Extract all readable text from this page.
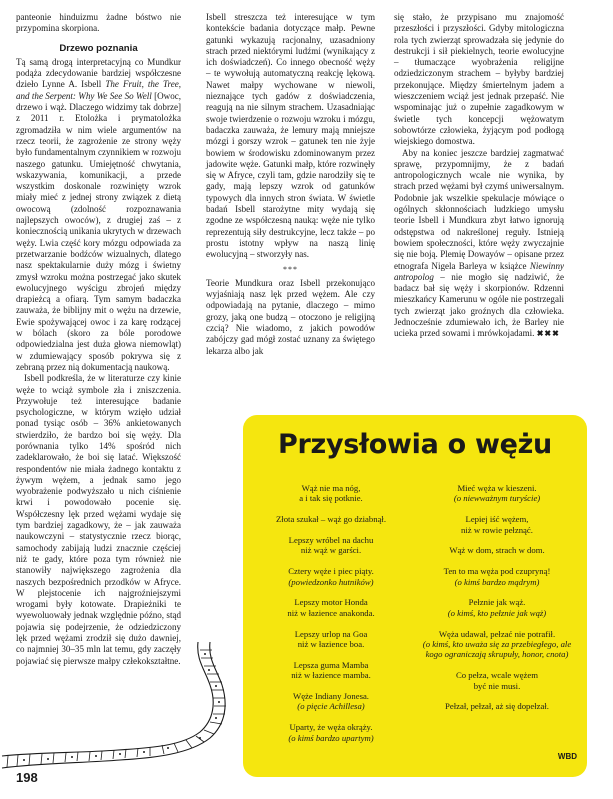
panteonie hinduizmu żadne bóstwo nie przypomina skorpiona.

Drzewo poznania

Tą samą drogą interpretacyjną co Mundkur podąża zdecydowanie bardziej współczesne dzieło Lynne A. Isbell The Fruit, the Tree, and the Serpent: Why We See So Well [Owoc, drzewo i wąż. Dlaczego widzimy tak dobrze] z 2011 r. Etolożka i prymatolożka zgromadziła w nim wiele argumentów na rzecz teorii, że zagrożenie ze strony węży było fundamentalnym czynnikiem w rozwoju naszego gatunku. Umiejętność chwytania, wskazywania, komunikacji, a przede wszystkim doskonale rozwinięty wzrok miały mieć z jednej strony związek z dietą owocową (zdolność rozpoznawania najlepszych owoców), z drugiej zaś – z koniecznością unikania ukrytych w drzewach węży. Lwia część kory mózgu odpowiada za przetwarzanie bodźców wizualnych, dlatego nasz spektakularnie duży mózg i świetny zmysł wzroku można postrzegać jako skutek ewolucyjnego wyścigu zbrojeń między drapieżcą a ofiarą. Tym samym badaczka zauważa, że biblijny mit o wężu na drzewie, Ewie spożywającej owoc i za karę rodzącej w bólach (skoro za bóle porodowe odpowiedzialna jest duża głowa niemowląt) w zdumiewający sposób pokrywa się z zebraną przez nią dokumentacją naukową.

Isbell podkreśla, że w literaturze czy kinie węże to wciąż symbole zła i zniszczenia. Przywołuje też interesujące badanie psychologiczne, w którym wzięło udział ponad tysiąc osób – 36% ankietowanych stwierdziło, że bardzo boi się węży. Dla porównania tylko 14% spośród nich zadeklarowało, że boi się latać. Większość respondentów nie miała żadnego kontaktu z żywym wężem, a jednak samo jego wyobrażenie podwyższało u nich ciśnienie krwi i powodowało pocenie się. Współczesny lęk przed wężami wydaje się tym bardziej zagadkowy, że – jak zauważa naukowczyni – statystycznie rzecz biorąc, samochody zabijają ludzi znacznie częściej niż te gady, które poza tym również nie stanowiły największego zagrożenia dla naszych bezpośrednich przodków w Afryce. W plejstocenie ich najgroźniejszymi wrogami były kotowate. Drapieżniki te wyewoluowały jednak względnie późno, stąd pojawia się podejrzenie, że odziedziczony lęk przed wężami zrodził się dużo dawniej, co najmniej 30–35 mln lat temu, gdy zaczęły pojawiać się pierwsze małpy człekokształtne.

Isbell streszcza też interesujące w tym kontekście badania dotyczące małp. Pewne gatunki wykazują racjonalny, uzasadniony strach przed niektórymi ludźmi (wynikający z ich doświadczeń). Co innego obecność węży – te wywołują automatyczną reakcję lękową. Nawet małpy wychowane w niewoli, nieznające tych gadów z doświadczenia, reagują na nie silnym strachem. Uzasadniając swoje twierdzenie o rozwoju wzroku i mózgu, badaczka zauważa, że lemury mają mniejsze mózgi i gorszy wzrok – gatunek ten nie żyje bowiem w środowisku zdominowanym przez jadowite węże. Gatunki małp, które rozwinęły się w Afryce, czyli tam, gdzie narodziły się te gady, mają lepszy wzrok od gatunków typowych dla innych stron świata. W świetle badań Isbell starożytne mity wydają się zgodne ze współczesną nauką: węże nie tylko reprezentują siły destrukcyjne, lecz także – po prostu istotny wpływ na naszą linię ewolucyjną – stworzyły nas.

***

Teorie Mundkura oraz Isbell przekonująco wyjaśniają nasz lęk przed wężem. Ale czy odpowiadają na pytanie, dlaczego – mimo grozy, jaką one budzą – otoczono je religijną czcią? Nie wiadomo, z jakich powodów zabójczy gad mógł zostać uznany za świętego lekarza albo jak

się stało, że przypisano mu znajomość przeszłości i przyszłości. Gdyby mitologiczna rola tych zwierząt sprowadzała się jedynie do destrukcji i sił piekielnych, teorie ewolucyjne – tłumaczące wyobrażenia religijne odziedziczonym strachem – byłyby bardziej przekonujące. Między śmiertelnym jadem a wieszczeniem wciąż jest jednak przepaść. Nie wspominając już o zupełnie zagadkowym w świetle tych koncepcji wężowatym sobowtórze człowieka, żyjącym pod podłogą wiejskiego domostwa.

Aby na koniec jeszcze bardziej zagmatwać sprawę, przypomnijmy, że z badań antropologicznych wcale nie wynika, by strach przed wężami był czymś uniwersalnym. Podobnie jak wszelkie spekulacje mówiące o ogólnych skłonnościach ludzkiego umysłu teorie Isbell i Mundkura zbyt łatwo ignorują odstępstwa od nakreślonej reguły. Istnieją bowiem społeczności, które węży zwyczajnie się nie boją. Plemię Dowayów – opisane przez etnografa Nigela Barleya w książce Niewinny antropolog – nie mogło się nadziwić, że badacz bał się węży i skorpionów. Rdzenni mieszkańcy Kamerunu w ogóle nie postrzegali tych zwierząt jako groźnych dla człowieka. Jednocześnie zdumiewało ich, że Barley nie ucieka przed sowami i mrówkojadami. ✖✖✖

Przysłowia o wężu
Wąż nie ma nóg,
a i tak się potknie.
Złota szukał – wąż go dziabnął.
Lepszy wróbel na dachu
niż wąż w garści.
Cztery węże i piec piąty.
(powiedzonko hutników)
Lepszy motor Honda
niż w łazience anakonda.
Lepszy urlop na Goa
niż w łazience boa.
Lepsza guma Mamba
niż w łazience mamba.
Węże Indiany Jonesa.
(o pięcie Achillesa)
Uparty, że węża okrąży.
(o kimś bardzo upartym)
Mieć węża w kieszeni.
(o niewważnym turyście)
Lepiej iść wężem,
niż w rowie pełznąć.
Wąż w dom, strach w dom.
Ten to ma węża pod czupryną!
(o kimś bardzo mądrym)
Pełznie jak wąż.
(o kimś, kto pełznie jak wąż)
Węża udawał, pełzać nie potrafił.
(o kimś, kto uważa się za przebiegłego, ale kogo ograniczają skrupuły, honor, cnota)
Co pełza, wcale wężem
być nie musi.
Pełzał, pełzał, aż się dopełzał.
WBD
198
